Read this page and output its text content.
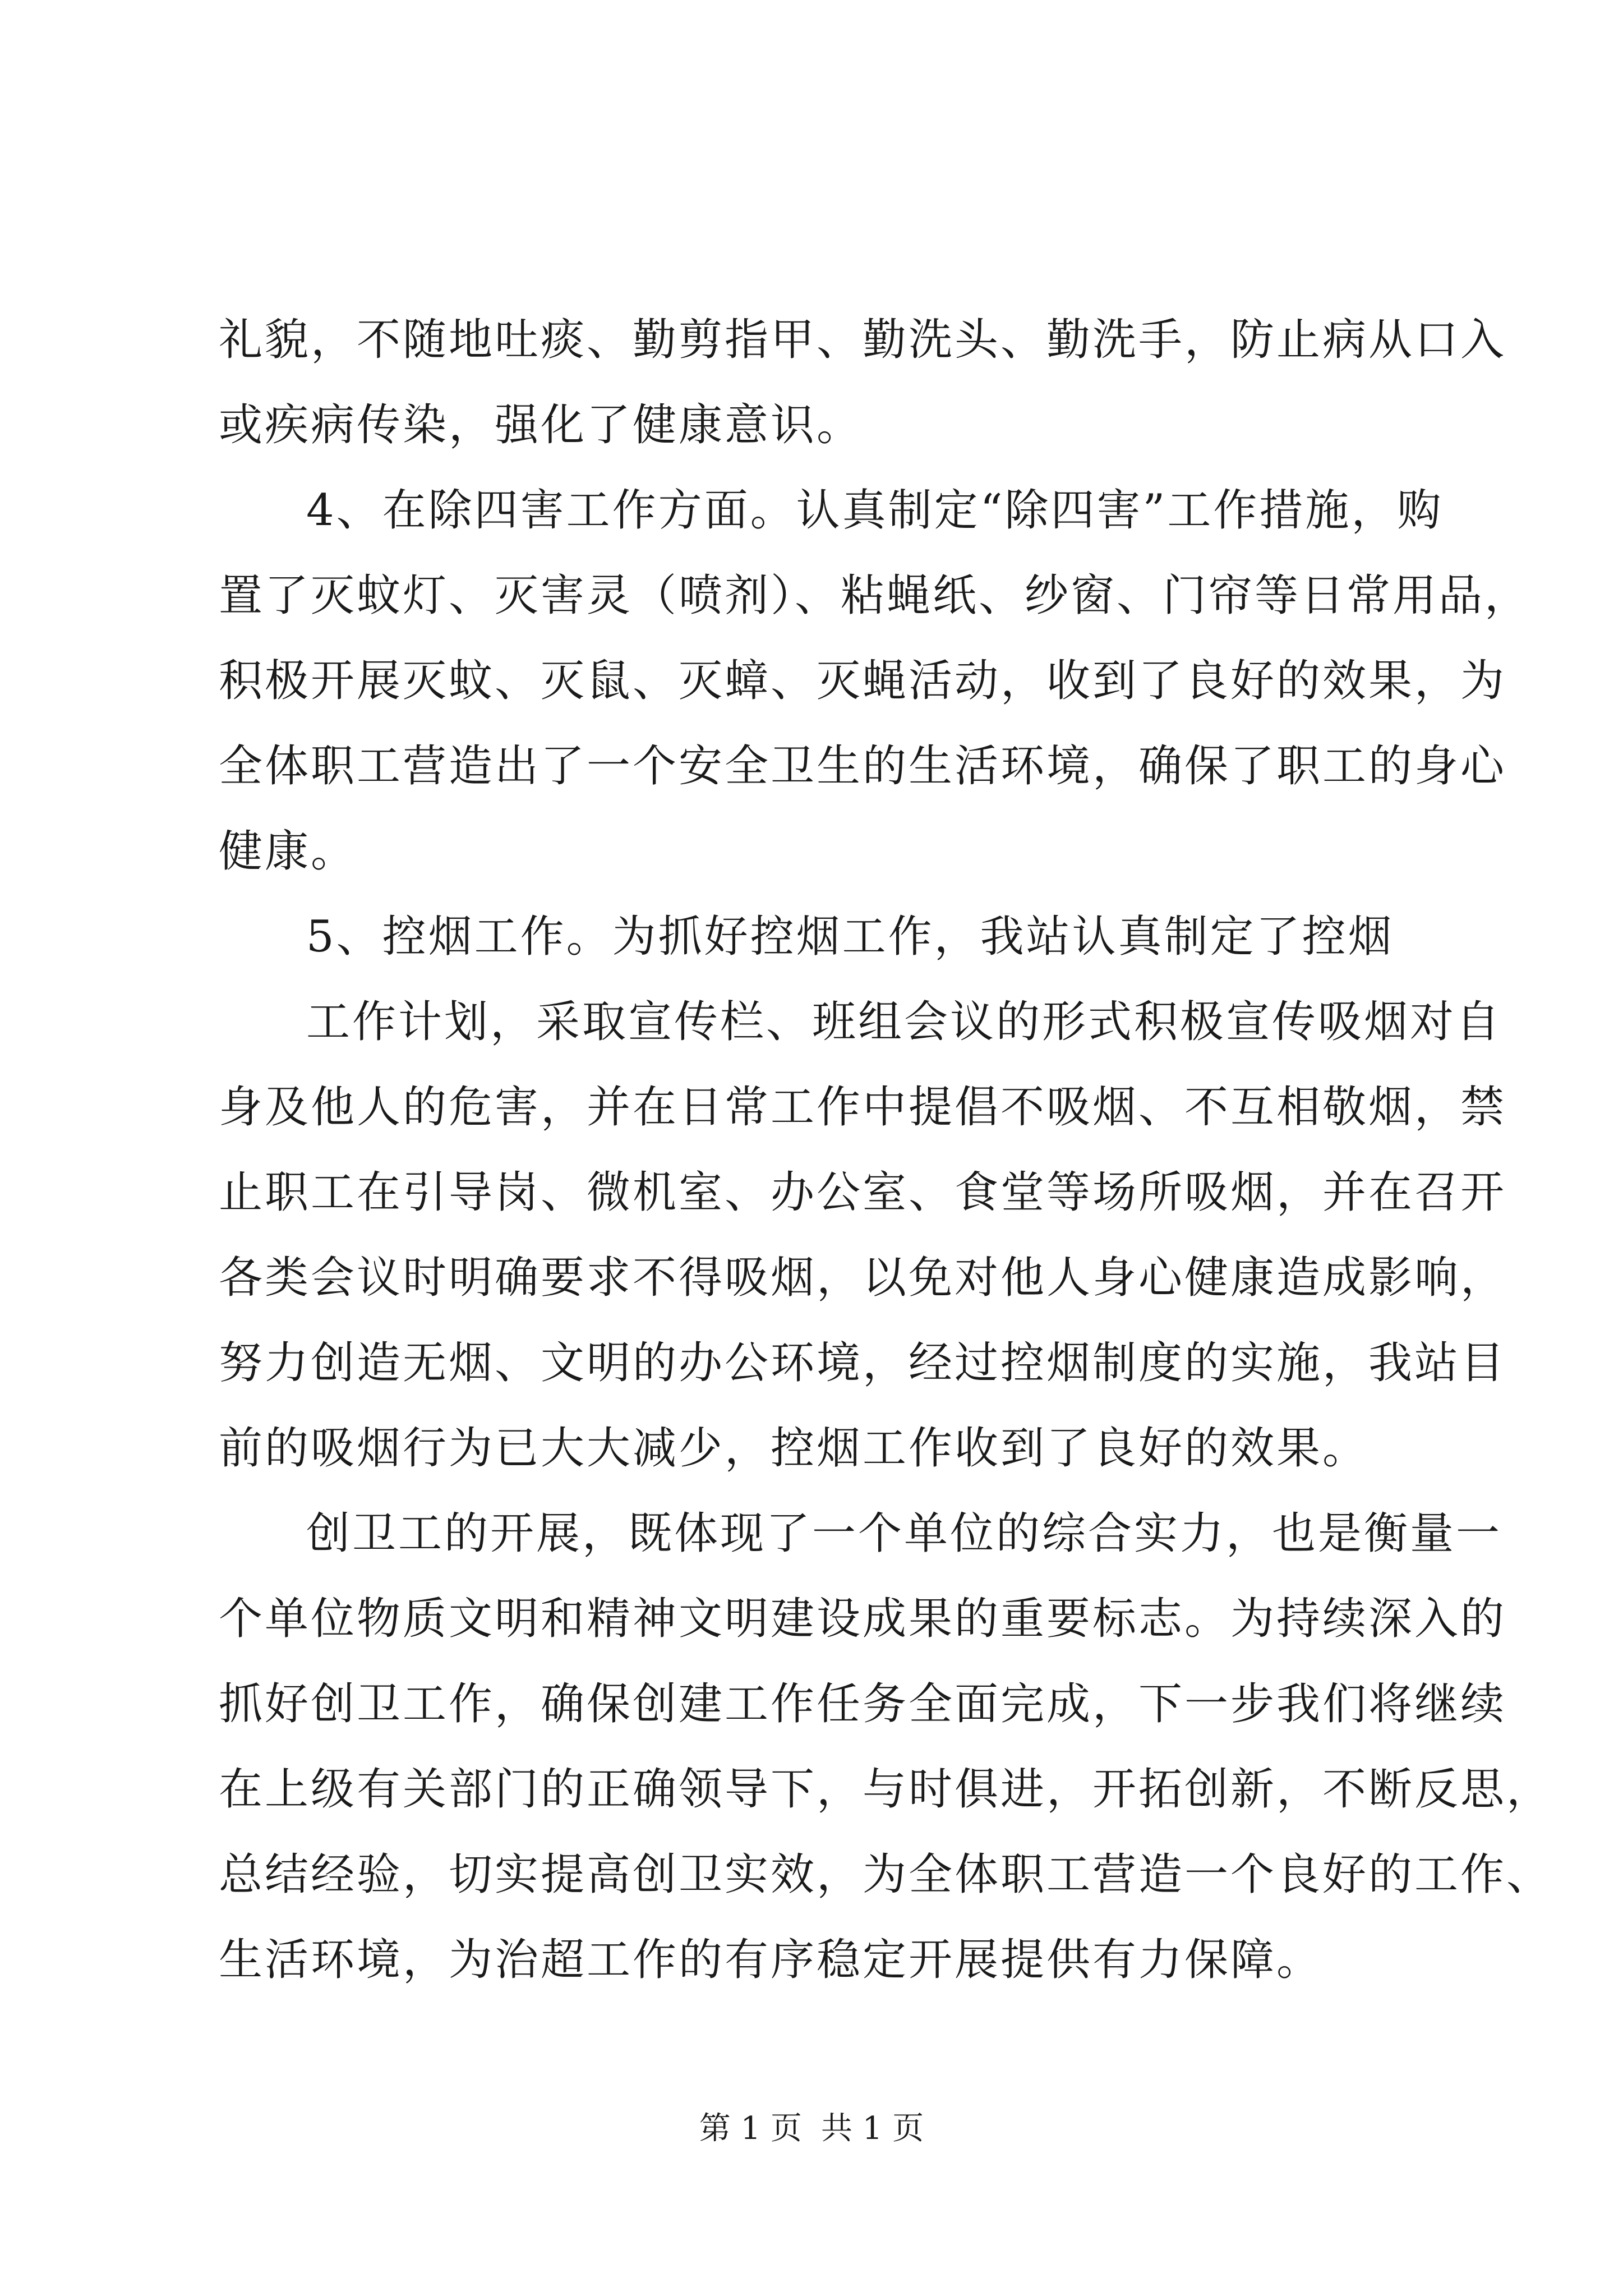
礼貌，不随地吐痰、勤剪指甲、勤洗头、勤洗手，防止病从口入
或疾病传染，强化了健康意识。
4、在除四害工作方面。认真制定“除四害”工作措施，购
置了灭蚊灯、灭害灵（喷剂）、粘蝇纸、纱窗、门帘等日常用品，
积极开展灭蚊、灭鼠、灭蟑、灭蝇活动，收到了良好的效果，为
全体职工营造出了一个安全卫生的生活环境，确保了职工的身心
健康。
5、控烟工作。为抓好控烟工作，我站认真制定了控烟
工作计划，采取宣传栏、班组会议的形式积极宣传吸烟对自
身及他人的危害，并在日常工作中提倡不吸烟、不互相敬烟，禁
止职工在引导岗、微机室、办公室、食堂等场所吸烟，并在召开
各类会议时明确要求不得吸烟，以免对他人身心健康造成影响，
努力创造无烟、文明的办公环境，经过控烟制度的实施，我站目
前的吸烟行为已大大减少，控烟工作收到了良好的效果。
创卫工的开展，既体现了一个单位的综合实力，也是衡量一
个单位物质文明和精神文明建设成果的重要标志。为持续深入的
抓好创卫工作，确保创建工作任务全面完成，下一步我们将继续
在上级有关部门的正确领导下，与时俱进，开拓创新，不断反思，
总结经验，切实提高创卫实效，为全体职工营造一个良好的工作、
生活环境，为治超工作的有序稳定开展提供有力保障。
第 1 页 共 1 页
